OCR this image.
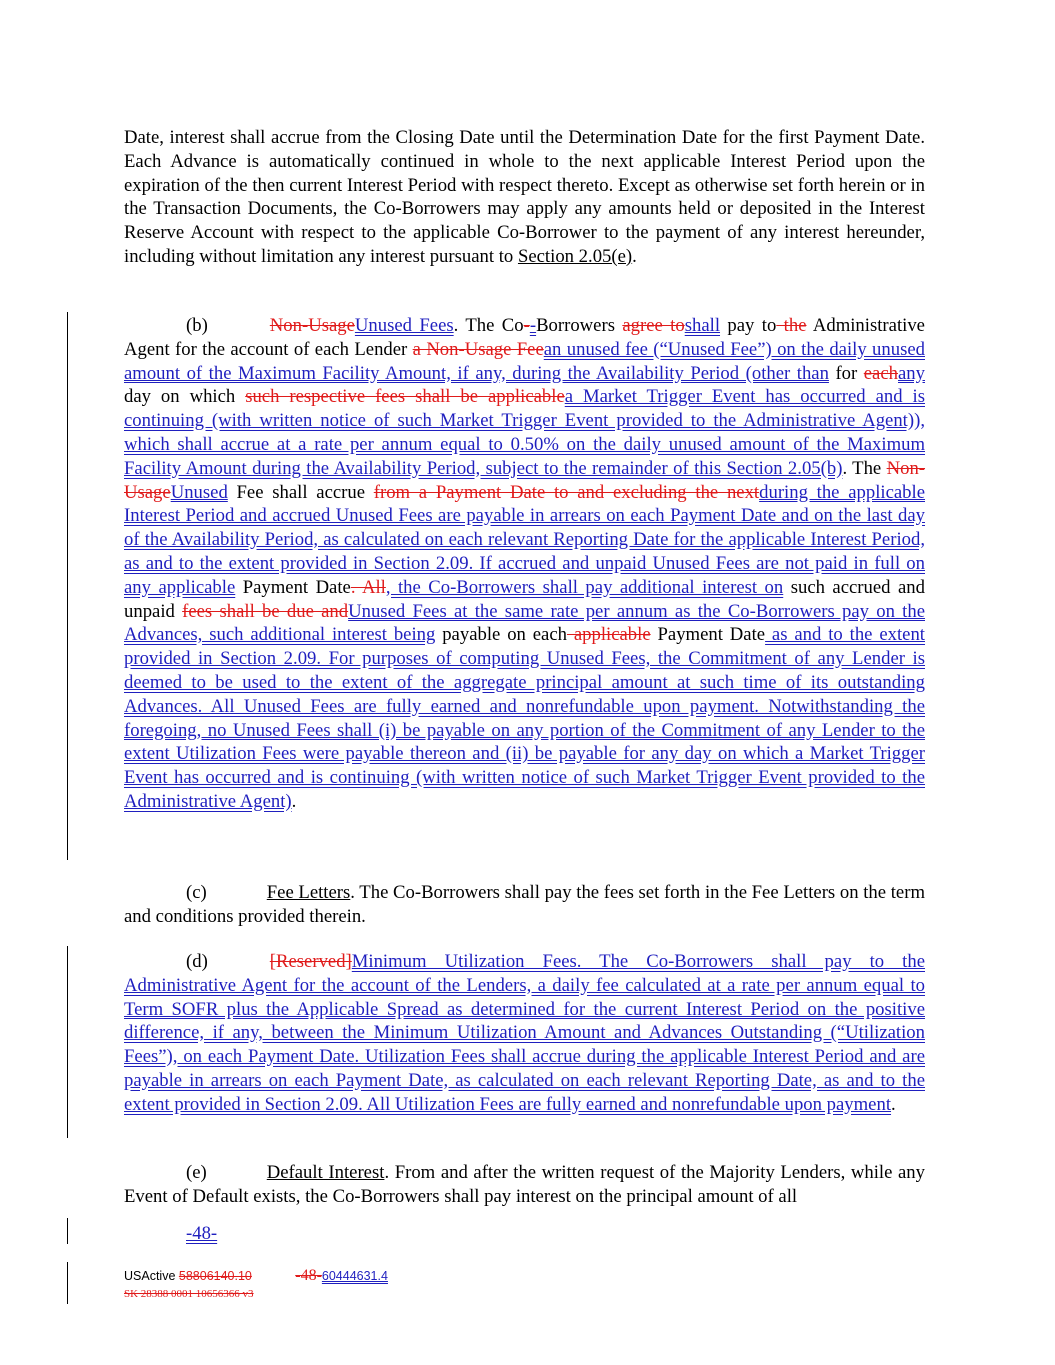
Date, interest shall accrue from the Closing Date until the Determination Date for the first Payment Date. Each Advance is automatically continued in whole to the next applicable Interest Period upon the expiration of the then current Interest Period with respect thereto. Except as otherwise set forth herein or in the Transaction Documents, the Co-Borrowers may apply any amounts held or deposited in the Interest Reserve Account with respect to the applicable Co-Borrower to the payment of any interest hereunder, including without limitation any interest pursuant to Section 2.05(e).

(b)	Non-UsageUnused Fees. The Co--Borrowers agree toshall pay to the Administrative Agent for the account of each Lender a Non-Usage Feean unused fee (“Unused Fee”) on the daily unused amount of the Maximum Facility Amount, if any, during the Availability Period (other than for eachany day on which such respective fees shall be applicablea Market Trigger Event has occurred and is continuing (with written notice of such Market Trigger Event provided to the Administrative Agent)), which shall accrue at a rate per annum equal to 0.50% on the daily unused amount of the Maximum Facility Amount during the Availability Period, subject to the remainder of this Section 2.05(b). The Non-UsageUnused Fee shall accrue from a Payment Date to and excluding the nextduring the applicable Interest Period and accrued Unused Fees are payable in arrears on each Payment Date and on the last day of the Availability Period, as calculated on each relevant Reporting Date for the applicable Interest Period, as and to the extent provided in Section 2.09. If accrued and unpaid Unused Fees are not paid in full on any applicable Payment Date. All, the Co-Borrowers shall pay additional interest on such accrued and unpaid fees shall be due andUnused Fees at the same rate per annum as the Co-Borrowers pay on the Advances, such additional interest being payable on each applicable Payment Date as and to the extent provided in Section 2.09. For purposes of computing Unused Fees, the Commitment of any Lender is deemed to be used to the extent of the aggregate principal amount at such time of its outstanding Advances. All Unused Fees are fully earned and nonrefundable upon payment. Notwithstanding the foregoing, no Unused Fees shall (i) be payable on any portion of the Commitment of any Lender to the extent Utilization Fees were payable thereon and (ii) be payable for any day on which a Market Trigger Event has occurred and is continuing (with written notice of such Market Trigger Event provided to the Administrative Agent).

(c)	Fee Letters. The Co-Borrowers shall pay the fees set forth in the Fee Letters on the term and conditions provided therein.

(d)	[Reserved]Minimum Utilization Fees. The Co-Borrowers shall pay to the Administrative Agent for the account of the Lenders, a daily fee calculated at a rate per annum equal to Term SOFR plus the Applicable Spread as determined for the current Interest Period on the positive difference, if any, between the Minimum Utilization Amount and Advances Outstanding (“Utilization Fees”), on each Payment Date. Utilization Fees shall accrue during the applicable Interest Period and are payable in arrears on each Payment Date, as calculated on each relevant Reporting Date, as and to the extent provided in Section 2.09. All Utilization Fees are fully earned and nonrefundable upon payment.

(e)	Default Interest. From and after the written request of the Majority Lenders, while any Event of Default exists, the Co-Borrowers shall pay interest on the principal amount of all

-48-
USActive 58806140.10	-48-60444631.4
SK 28388 0001 10656366 v3
